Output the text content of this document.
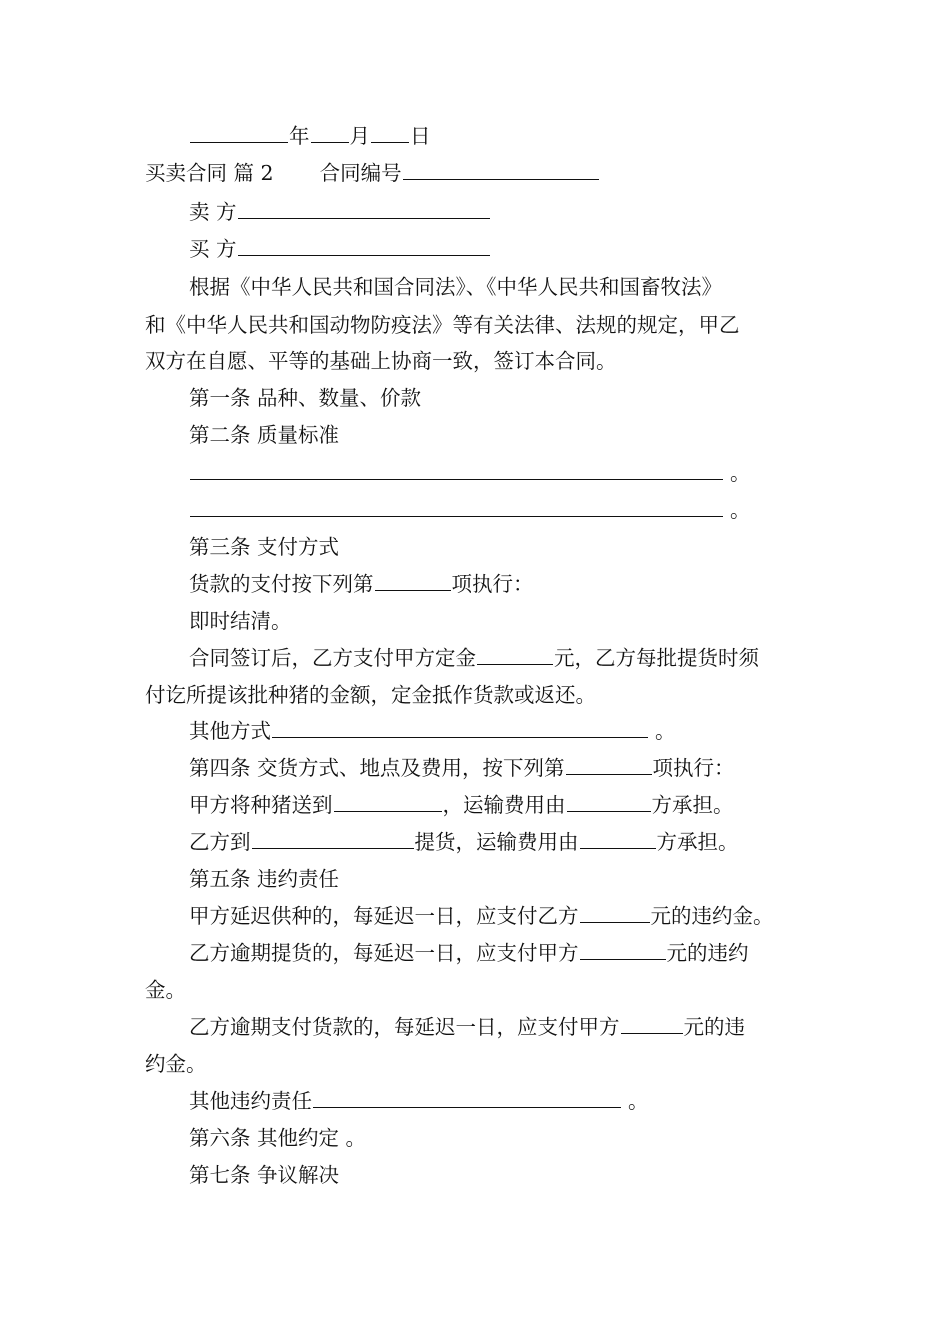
年 月 日
买卖合同 篇 2 合同编号
卖 方
买 方
根据《中华人民共和国合同法》、《中华人民共和国畜牧法》
和《中华人民共和国动物防疫法》等有关法律、法规的规定，甲乙
双方在自愿、平等的基础上协商一致，签订本合同。
第一条 品种、数量、价款
第二条 质量标准
。
。
第三条 支付方式
货款的支付按下列第	项执行：
即时结清。
合同签订后，乙方支付甲方定金	元，乙方每批提货时须
付讫所提该批种猪的金额，定金抵作货款或返还。
其他方式	。
第四条 交货方式、地点及费用，按下列第	项执行：
甲方将种猪送到	，运输费用由	方承担。
乙方到	提货，运输费用由	方承担。
第五条 违约责任
甲方延迟供种的，每延迟一日，应支付乙方	元的违约金。
乙方逾期提货的，每延迟一日，应支付甲方	元的违约
金。
乙方逾期支付货款的，每延迟一日，应支付甲方	元的违
约金。
其他违约责任	。
第六条 其他约定 。
第七条 争议解决
